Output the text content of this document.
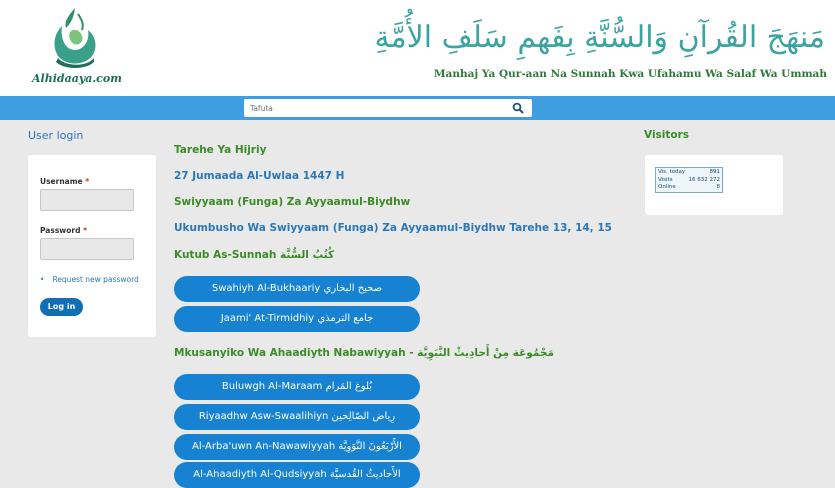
Alhidaaya.com
مَنهَجَ القُرآنِ وَالسُّنَّةِ بِفَهمِ سَلَفِ الأُمَّةِ
Manhaj Ya Qur-aan Na Sunnah Kwa Ufahamu Wa Salaf Wa Ummah
Tafuta
User login	Visitors
Username *
Password *
• Request new password
Log in
Vis. today	891
Visits	16 632 272
Online	8
Tarehe Ya Hijriy
27 Jumaada Al-Uwlaa 1447 H
Swiyyaam (Funga) Za Ayyaamul-Biydhw
Ukumbusho Wa Swiyyaam (Funga) Za Ayyaamul-Biydhw Tarehe 13, 14, 15
Kutub As-Sunnah كُتُبُ السُّنَّة
Swahiyh Al-Bukhaariy صحيح البخاري
Jaami' At-Tirmidhiy جامع الترمذي
Mkusanyiko Wa Ahaadiyth Nabawiyyah - مَجْمُوعَة مِنْ أَحادِيثْ النَّبَوِيَّة
Buluwgh Al-Maraam بُلوغ المَرام
Riyaadhw Asw-Swaalihiyn رِياض الصّالِحين
Al-Arba'uwn An-Nawawiyyah الأَرْبَعُونَ النَّوَوِيَّة
Al-Ahaadiyth Al-Qudsiyyah الأَحاديثُ القُدسيَّة
